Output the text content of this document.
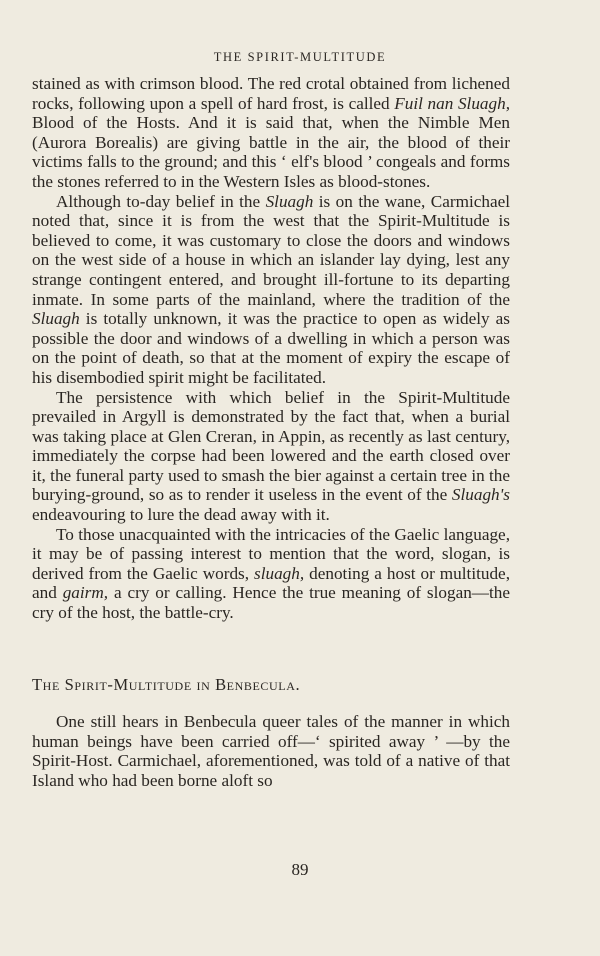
THE SPIRIT-MULTITUDE

stained as with crimson blood. The red crotal obtained from lichened rocks, following upon a spell of hard frost, is called Fuil nan Sluagh, Blood of the Hosts. And it is said that, when the Nimble Men (Aurora Borealis) are giving battle in the air, the blood of their victims falls to the ground; and this ‘ elf's blood ’ congeals and forms the stones referred to in the Western Isles as blood-stones.

Although to-day belief in the Sluagh is on the wane, Carmichael noted that, since it is from the west that the Spirit-Multitude is believed to come, it was customary to close the doors and windows on the west side of a house in which an islander lay dying, lest any strange contingent entered, and brought ill-fortune to its departing inmate. In some parts of the mainland, where the tradition of the Sluagh is totally unknown, it was the practice to open as widely as possible the door and windows of a dwelling in which a person was on the point of death, so that at the moment of expiry the escape of his disembodied spirit might be facilitated.

The persistence with which belief in the Spirit-Multitude prevailed in Argyll is demonstrated by the fact that, when a burial was taking place at Glen Creran, in Appin, as recently as last century, immediately the corpse had been lowered and the earth closed over it, the funeral party used to smash the bier against a certain tree in the burying-ground, so as to render it useless in the event of the Sluagh's endeavouring to lure the dead away with it.

To those unacquainted with the intricacies of the Gaelic language, it may be of passing interest to mention that the word, slogan, is derived from the Gaelic words, sluagh, denoting a host or multitude, and gairm, a cry or calling. Hence the true meaning of slogan—the cry of the host, the battle-cry.

The Spirit-Multitude in Benbecula.

One still hears in Benbecula queer tales of the manner in which human beings have been carried off—‘ spirited away ’ —by the Spirit-Host. Carmichael, aforementioned, was told of a native of that Island who had been borne aloft so

89
